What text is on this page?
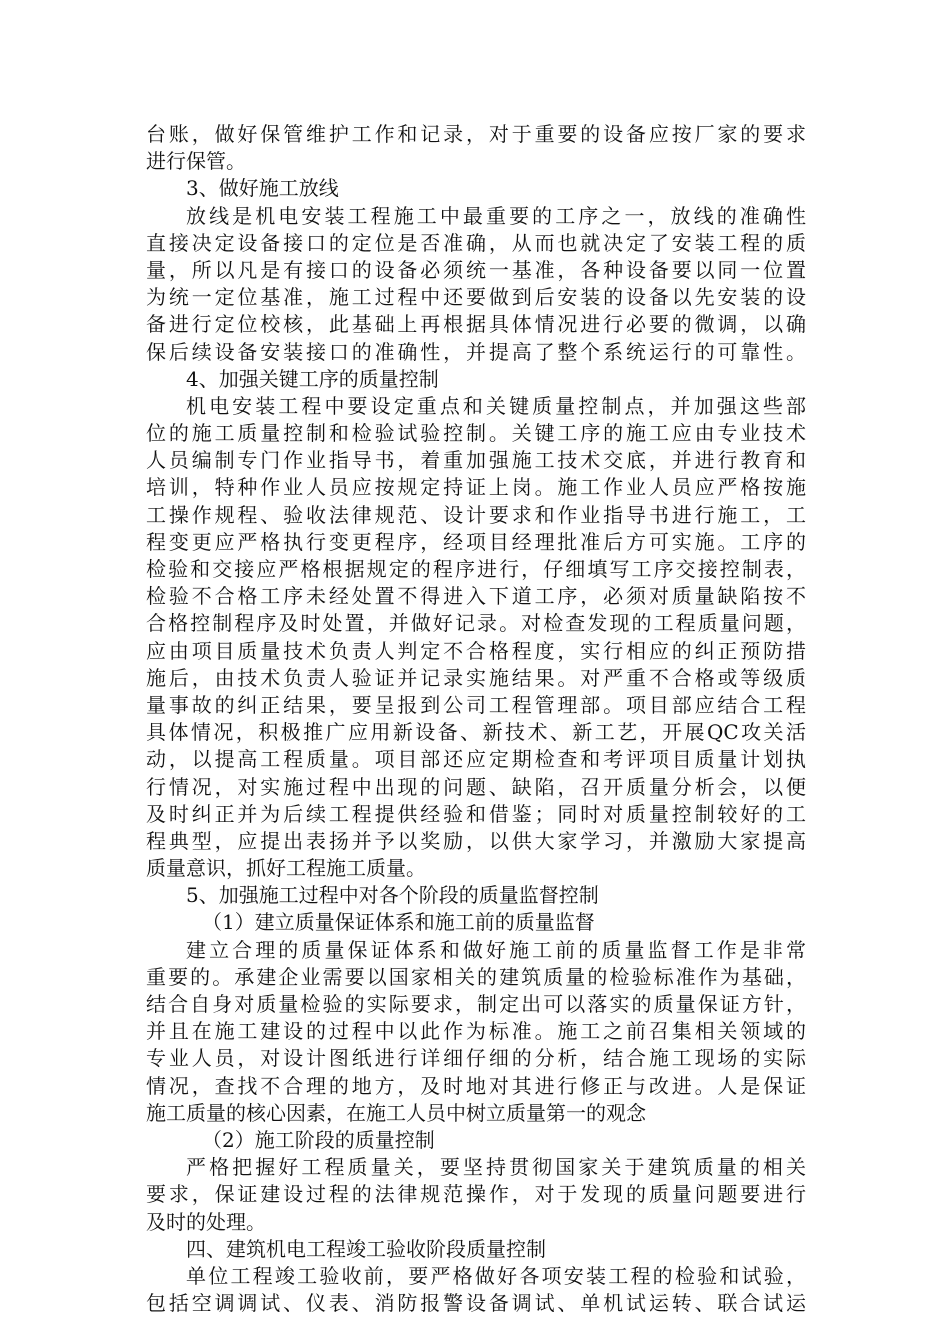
台账，做好保管维护工作和记录，对于重要的设备应按厂家的要求
进行保管。
3、做好施工放线
放线是机电安装工程施工中最重要的工序之一，放线的准确性
直接决定设备接口的定位是否准确，从而也就决定了安装工程的质
量，所以凡是有接口的设备必须统一基准，各种设备要以同一位置
为统一定位基准，施工过程中还要做到后安装的设备以先安装的设
备进行定位校核，此基础上再根据具体情况进行必要的微调，以确
保后续设备安装接口的准确性，并提高了整个系统运行的可靠性。
4、加强关键工序的质量控制
机电安装工程中要设定重点和关键质量控制点，并加强这些部
位的施工质量控制和检验试验控制。关键工序的施工应由专业技术
人员编制专门作业指导书，着重加强施工技术交底，并进行教育和
培训，特种作业人员应按规定持证上岗。施工作业人员应严格按施
工操作规程、验收法律规范、设计要求和作业指导书进行施工，工
程变更应严格执行变更程序，经项目经理批准后方可实施。工序的
检验和交接应严格根据规定的程序进行，仔细填写工序交接控制表，
检验不合格工序未经处置不得进入下道工序，必须对质量缺陷按不
合格控制程序及时处置，并做好记录。对检查发现的工程质量问题，
应由项目质量技术负责人判定不合格程度，实行相应的纠正预防措
施后，由技术负责人验证并记录实施结果。对严重不合格或等级质
量事故的纠正结果，要呈报到公司工程管理部。项目部应结合工程
具体情况，积极推广应用新设备、新技术、新工艺，开展QC攻关活
动，以提高工程质量。项目部还应定期检查和考评项目质量计划执
行情况，对实施过程中出现的问题、缺陷，召开质量分析会，以便
及时纠正并为后续工程提供经验和借鉴；同时对质量控制较好的工
程典型，应提出表扬并予以奖励，以供大家学习，并激励大家提高
质量意识，抓好工程施工质量。
5、加强施工过程中对各个阶段的质量监督控制
（1）建立质量保证体系和施工前的质量监督
建立合理的质量保证体系和做好施工前的质量监督工作是非常
重要的。承建企业需要以国家相关的建筑质量的检验标准作为基础，
结合自身对质量检验的实际要求，制定出可以落实的质量保证方针，
并且在施工建设的过程中以此作为标准。施工之前召集相关领域的
专业人员，对设计图纸进行详细仔细的分析，结合施工现场的实际
情况，查找不合理的地方，及时地对其进行修正与改进。人是保证
施工质量的核心因素，在施工人员中树立质量第一的观念
（2）施工阶段的质量控制
严格把握好工程质量关，要坚持贯彻国家关于建筑质量的相关
要求，保证建设过程的法律规范操作，对于发现的质量问题要进行
及时的处理。
四、建筑机电工程竣工验收阶段质量控制
单位工程竣工验收前，要严格做好各项安装工程的检验和试验，
包括空调调试、仪表、消防报警设备调试、单机试运转、联合试运
